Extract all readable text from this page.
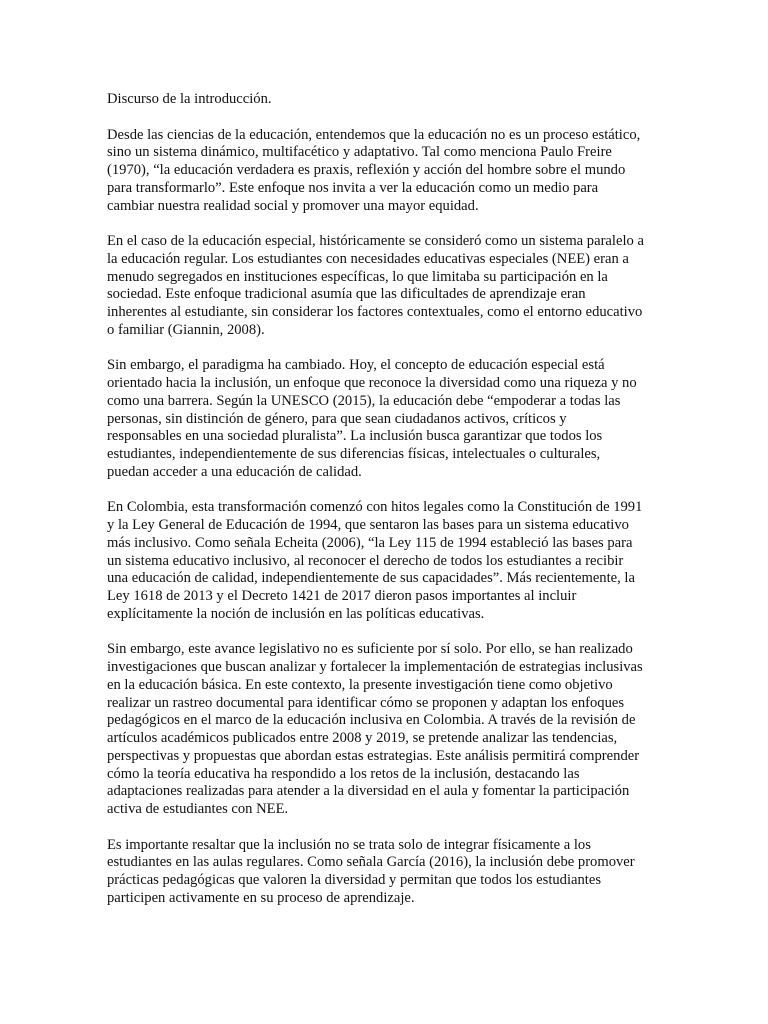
Discurso de la introducción.
Desde las ciencias de la educación, entendemos que la educación no es un proceso estático,
sino un sistema dinámico, multifacético y adaptativo. Tal como menciona Paulo Freire
(1970), “la educación verdadera es praxis, reflexión y acción del hombre sobre el mundo
para transformarlo”. Este enfoque nos invita a ver la educación como un medio para
cambiar nuestra realidad social y promover una mayor equidad.
En el caso de la educación especial, históricamente se consideró como un sistema paralelo a
la educación regular. Los estudiantes con necesidades educativas especiales (NEE) eran a
menudo segregados en instituciones específicas, lo que limitaba su participación en la
sociedad. Este enfoque tradicional asumía que las dificultades de aprendizaje eran
inherentes al estudiante, sin considerar los factores contextuales, como el entorno educativo
o familiar (Giannin, 2008).
Sin embargo, el paradigma ha cambiado. Hoy, el concepto de educación especial está
orientado hacia la inclusión, un enfoque que reconoce la diversidad como una riqueza y no
como una barrera. Según la UNESCO (2015), la educación debe “empoderar a todas las
personas, sin distinción de género, para que sean ciudadanos activos, críticos y
responsables en una sociedad pluralista”. La inclusión busca garantizar que todos los
estudiantes, independientemente de sus diferencias físicas, intelectuales o culturales,
puedan acceder a una educación de calidad.
En Colombia, esta transformación comenzó con hitos legales como la Constitución de 1991
y la Ley General de Educación de 1994, que sentaron las bases para un sistema educativo
más inclusivo. Como señala Echeita (2006), “la Ley 115 de 1994 estableció las bases para
un sistema educativo inclusivo, al reconocer el derecho de todos los estudiantes a recibir
una educación de calidad, independientemente de sus capacidades”. Más recientemente, la
Ley 1618 de 2013 y el Decreto 1421 de 2017 dieron pasos importantes al incluir
explícitamente la noción de inclusión en las políticas educativas.
Sin embargo, este avance legislativo no es suficiente por sí solo. Por ello, se han realizado
investigaciones que buscan analizar y fortalecer la implementación de estrategias inclusivas
en la educación básica. En este contexto, la presente investigación tiene como objetivo
realizar un rastreo documental para identificar cómo se proponen y adaptan los enfoques
pedagógicos en el marco de la educación inclusiva en Colombia. A través de la revisión de
artículos académicos publicados entre 2008 y 2019, se pretende analizar las tendencias,
perspectivas y propuestas que abordan estas estrategias. Este análisis permitirá comprender
cómo la teoría educativa ha respondido a los retos de la inclusión, destacando las
adaptaciones realizadas para atender a la diversidad en el aula y fomentar la participación
activa de estudiantes con NEE.
Es importante resaltar que la inclusión no se trata solo de integrar físicamente a los
estudiantes en las aulas regulares. Como señala García (2016), la inclusión debe promover
prácticas pedagógicas que valoren la diversidad y permitan que todos los estudiantes
participen activamente en su proceso de aprendizaje.
